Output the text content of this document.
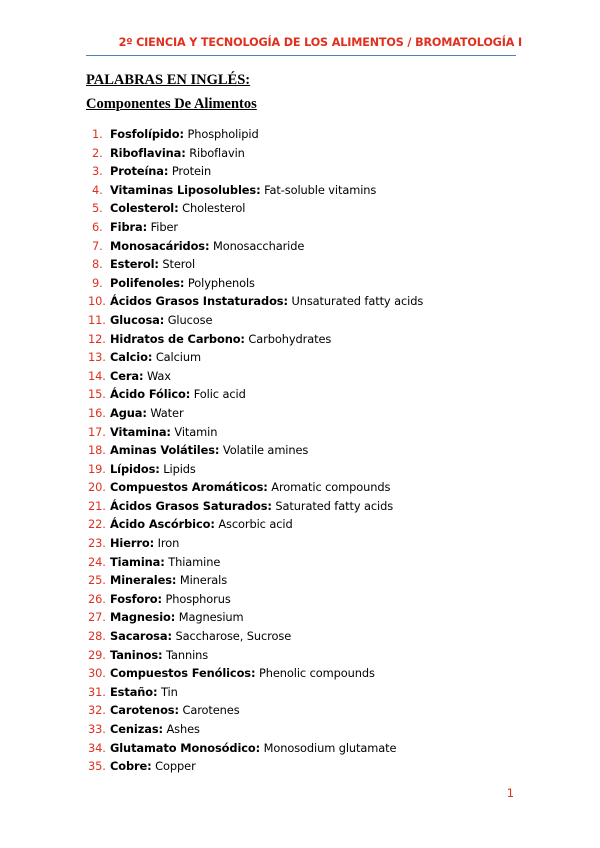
2º CIENCIA Y TECNOLOGÍA DE LOS ALIMENTOS / BROMATOLOGÍA I
PALABRAS EN INGLÉS:
Componentes De Alimentos
1. Fosfolípido: Phospholipid
2. Riboflavina: Riboflavin
3. Proteína: Protein
4. Vitaminas Liposolubles: Fat-soluble vitamins
5. Colesterol: Cholesterol
6. Fibra: Fiber
7. Monosacáridos: Monosaccharide
8. Esterol: Sterol
9. Polifenoles: Polyphenols
10. Ácidos Grasos Instaturados: Unsaturated fatty acids
11. Glucosa: Glucose
12. Hidratos de Carbono: Carbohydrates
13. Calcio: Calcium
14. Cera: Wax
15. Ácido Fólico: Folic acid
16. Agua: Water
17. Vitamina: Vitamin
18. Aminas Volátiles: Volatile amines
19. Lípidos: Lipids
20. Compuestos Aromáticos: Aromatic compounds
21. Ácidos Grasos Saturados: Saturated fatty acids
22. Ácido Ascórbico: Ascorbic acid
23. Hierro: Iron
24. Tiamina: Thiamine
25. Minerales: Minerals
26. Fosforo: Phosphorus
27. Magnesio: Magnesium
28. Sacarosa: Saccharose, Sucrose
29. Taninos: Tannins
30. Compuestos Fenólicos: Phenolic compounds
31. Estaño: Tin
32. Carotenos: Carotenes
33. Cenizas: Ashes
34. Glutamato Monosódico: Monosodium glutamate
35. Cobre: Copper
1
